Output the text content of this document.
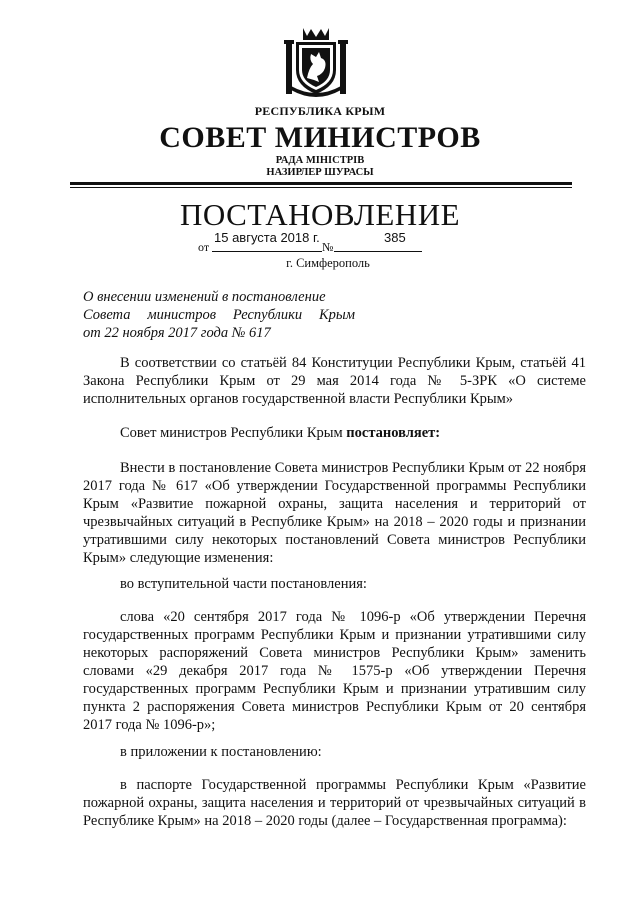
РЕСПУБЛИКА КРЫМ
СОВЕТ МИНИСТРОВ
РАДА МІНІСТРІВ
НАЗИРЛЕР ШУРАСЫ
ПОСТАНОВЛЕНИЕ
от
15 августа 2018 г.
№
385
г. Симферополь
О внесении изменений в постановление
Совета министров Республики Крым
от 22 ноября 2017 года № 617

В соответствии со статьёй 84 Конституции Республики Крым, статьёй 41 Закона Республики Крым от 29 мая 2014 года № 5-ЗРК «О системе исполнительных органов государственной власти Республики Крым»

Совет министров Республики Крым постановляет:

Внести в постановление Совета министров Республики Крым от 22 ноября 2017 года № 617 «Об утверждении Государственной программы Республики Крым «Развитие пожарной охраны, защита населения и территорий от чрезвычайных ситуаций в Республике Крым» на 2018 – 2020 годы и признании утратившими силу некоторых постановлений Совета министров Республики Крым» следующие изменения:

во вступительной части постановления:

слова «20 сентября 2017 года № 1096-р «Об утверждении Перечня государственных программ Республики Крым и признании утратившими силу некоторых распоряжений Совета министров Республики Крым» заменить словами «29 декабря 2017 года № 1575-р «Об утверждении Перечня государственных программ Республики Крым и признании утратившим силу пункта 2 распоряжения Совета министров Республики Крым от 20 сентября 2017 года № 1096-р»;

в приложении к постановлению:

в паспорте Государственной программы Республики Крым «Развитие пожарной охраны, защита населения и территорий от чрезвычайных ситуаций в Республике Крым» на 2018 – 2020 годы (далее – Государственная программа):
